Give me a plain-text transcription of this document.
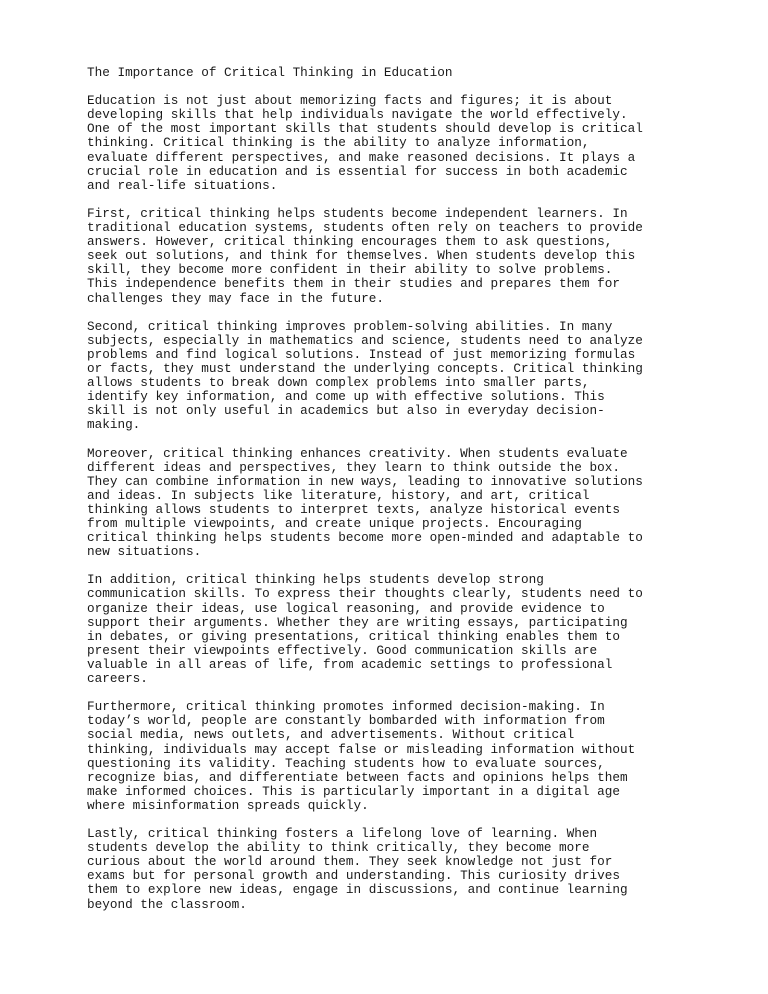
The Importance of Critical Thinking in Education
Education is not just about memorizing facts and figures; it is about
developing skills that help individuals navigate the world effectively.
One of the most important skills that students should develop is critical
thinking. Critical thinking is the ability to analyze information,
evaluate different perspectives, and make reasoned decisions. It plays a
crucial role in education and is essential for success in both academic
and real-life situations.
First, critical thinking helps students become independent learners. In
traditional education systems, students often rely on teachers to provide
answers. However, critical thinking encourages them to ask questions,
seek out solutions, and think for themselves. When students develop this
skill, they become more confident in their ability to solve problems.
This independence benefits them in their studies and prepares them for
challenges they may face in the future.
Second, critical thinking improves problem-solving abilities. In many
subjects, especially in mathematics and science, students need to analyze
problems and find logical solutions. Instead of just memorizing formulas
or facts, they must understand the underlying concepts. Critical thinking
allows students to break down complex problems into smaller parts,
identify key information, and come up with effective solutions. This
skill is not only useful in academics but also in everyday decision-
making.
Moreover, critical thinking enhances creativity. When students evaluate
different ideas and perspectives, they learn to think outside the box.
They can combine information in new ways, leading to innovative solutions
and ideas. In subjects like literature, history, and art, critical
thinking allows students to interpret texts, analyze historical events
from multiple viewpoints, and create unique projects. Encouraging
critical thinking helps students become more open-minded and adaptable to
new situations.
In addition, critical thinking helps students develop strong
communication skills. To express their thoughts clearly, students need to
organize their ideas, use logical reasoning, and provide evidence to
support their arguments. Whether they are writing essays, participating
in debates, or giving presentations, critical thinking enables them to
present their viewpoints effectively. Good communication skills are
valuable in all areas of life, from academic settings to professional
careers.
Furthermore, critical thinking promotes informed decision-making. In
today’s world, people are constantly bombarded with information from
social media, news outlets, and advertisements. Without critical
thinking, individuals may accept false or misleading information without
questioning its validity. Teaching students how to evaluate sources,
recognize bias, and differentiate between facts and opinions helps them
make informed choices. This is particularly important in a digital age
where misinformation spreads quickly.
Lastly, critical thinking fosters a lifelong love of learning. When
students develop the ability to think critically, they become more
curious about the world around them. They seek knowledge not just for
exams but for personal growth and understanding. This curiosity drives
them to explore new ideas, engage in discussions, and continue learning
beyond the classroom.
